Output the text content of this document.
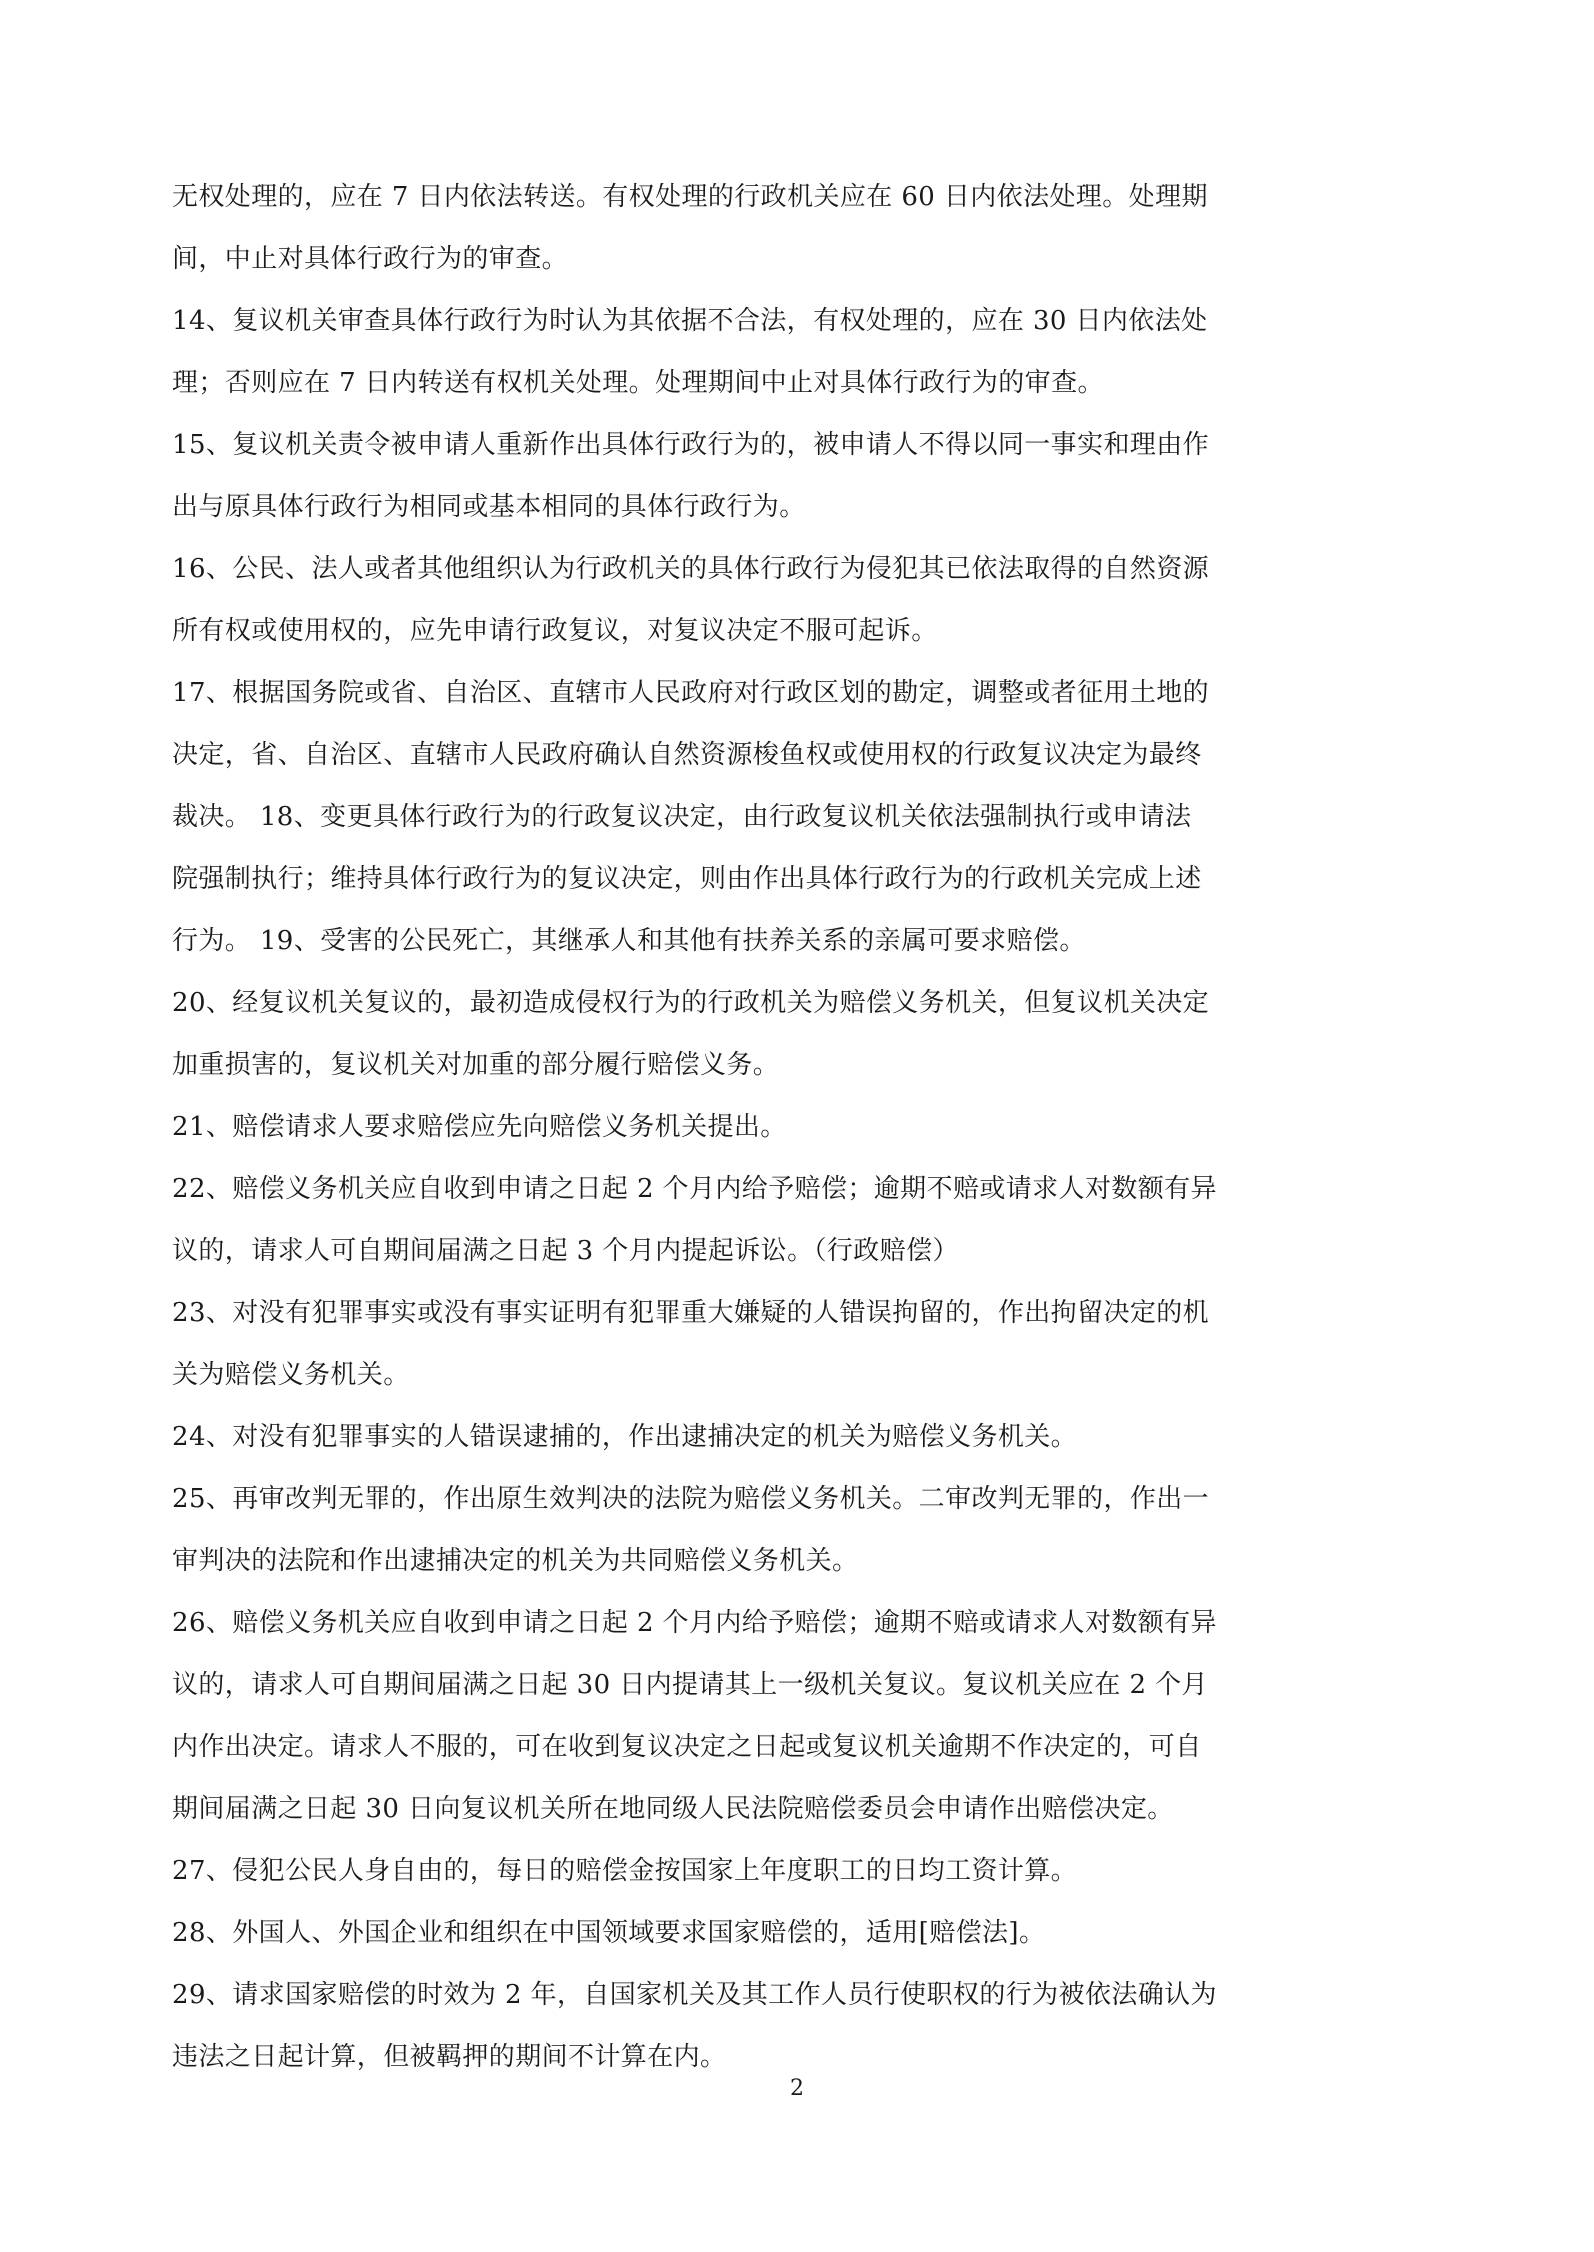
无权处理的，应在 7 日内依法转送。有权处理的行政机关应在 60 日内依法处理。处理期
间，中止对具体行政行为的审查。
14、复议机关审查具体行政行为时认为其依据不合法，有权处理的，应在 30 日内依法处
理；否则应在 7 日内转送有权机关处理。处理期间中止对具体行政行为的审查。
15、复议机关责令被申请人重新作出具体行政行为的，被申请人不得以同一事实和理由作
出与原具体行政行为相同或基本相同的具体行政行为。
16、公民、法人或者其他组织认为行政机关的具体行政行为侵犯其已依法取得的自然资源
所有权或使用权的，应先申请行政复议，对复议决定不服可起诉。
17、根据国务院或省、自治区、直辖市人民政府对行政区划的勘定，调整或者征用土地的
决定，省、自治区、直辖市人民政府确认自然资源梭鱼权或使用权的行政复议决定为最终
裁决。 18、变更具体行政行为的行政复议决定，由行政复议机关依法强制执行或申请法
院强制执行；维持具体行政行为的复议决定，则由作出具体行政行为的行政机关完成上述
行为。 19、受害的公民死亡，其继承人和其他有扶养关系的亲属可要求赔偿。
20、经复议机关复议的，最初造成侵权行为的行政机关为赔偿义务机关，但复议机关决定
加重损害的，复议机关对加重的部分履行赔偿义务。
21、赔偿请求人要求赔偿应先向赔偿义务机关提出。
22、赔偿义务机关应自收到申请之日起 2 个月内给予赔偿；逾期不赔或请求人对数额有异
议的，请求人可自期间届满之日起 3 个月内提起诉讼。（行政赔偿）
23、对没有犯罪事实或没有事实证明有犯罪重大嫌疑的人错误拘留的，作出拘留决定的机
关为赔偿义务机关。
24、对没有犯罪事实的人错误逮捕的，作出逮捕决定的机关为赔偿义务机关。
25、再审改判无罪的，作出原生效判决的法院为赔偿义务机关。二审改判无罪的，作出一
审判决的法院和作出逮捕决定的机关为共同赔偿义务机关。
26、赔偿义务机关应自收到申请之日起 2 个月内给予赔偿；逾期不赔或请求人对数额有异
议的，请求人可自期间届满之日起 30 日内提请其上一级机关复议。复议机关应在 2 个月
内作出决定。请求人不服的，可在收到复议决定之日起或复议机关逾期不作决定的，可自
期间届满之日起 30 日向复议机关所在地同级人民法院赔偿委员会申请作出赔偿决定。
27、侵犯公民人身自由的，每日的赔偿金按国家上年度职工的日均工资计算。
28、外国人、外国企业和组织在中国领域要求国家赔偿的，适用[赔偿法]。
29、请求国家赔偿的时效为 2 年，自国家机关及其工作人员行使职权的行为被依法确认为
违法之日起计算，但被羁押的期间不计算在内。

2
